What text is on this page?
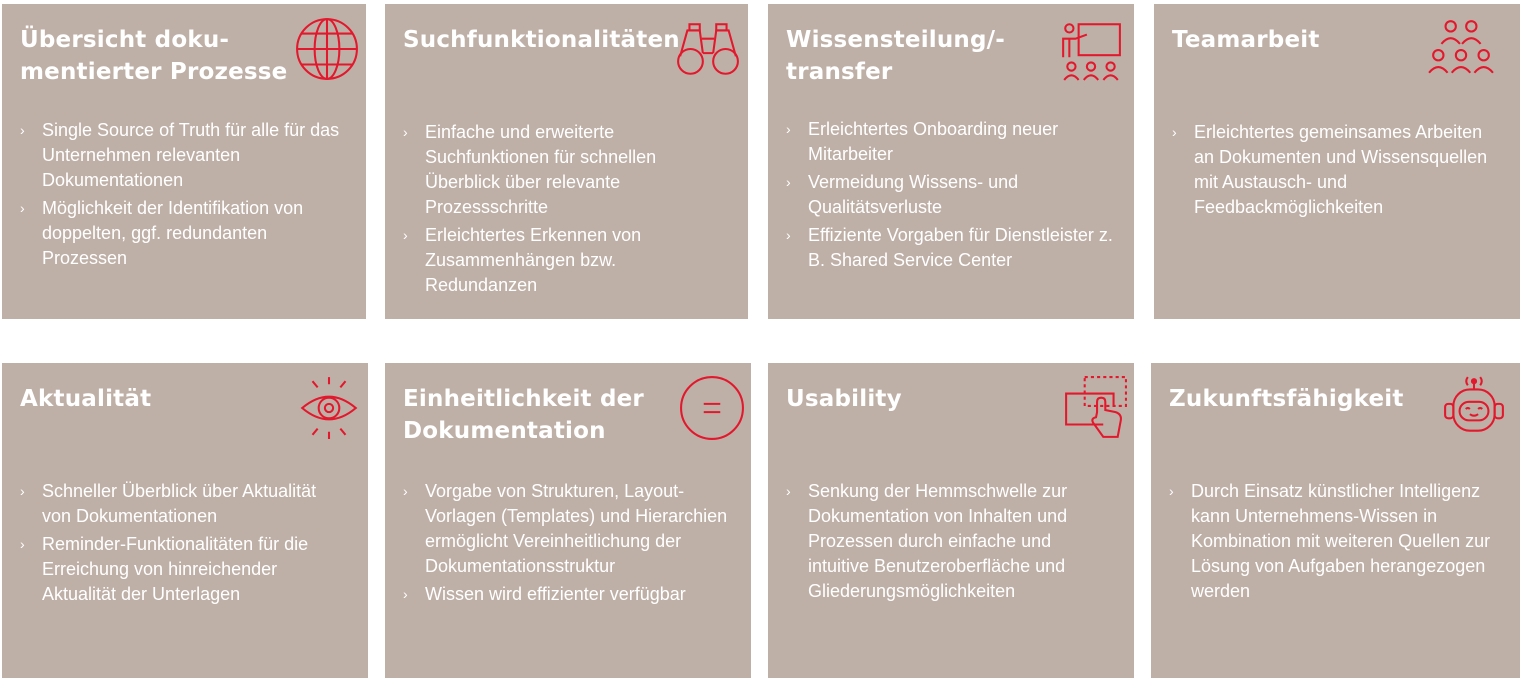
Übersicht doku-
mentierter Prozesse
› Single Source of Truth für alle für das Unternehmen relevanten Dokumentationen
› Möglichkeit der Identifikation von doppelten, ggf. redundanten Prozessen
Suchfunktionalitäten
› Einfache und erweiterte Suchfunktionen für schnellen Überblick über relevante Prozessschritte
› Erleichtertes Erkennen von Zusammenhängen bzw. Redundanzen
Wissensteilung/-
transfer
› Erleichtertes Onboarding neuer Mitarbeiter
› Vermeidung Wissens- und Qualitätsverluste
› Effiziente Vorgaben für Dienstleister z. B. Shared Service Center
Teamarbeit
› Erleichtertes gemeinsames Arbeiten an Dokumenten und Wissensquellen mit Austausch- und Feedbackmöglichkeiten
Aktualität
› Schneller Überblick über Aktualität von Dokumentationen
› Reminder-Funktionalitäten für die Erreichung von hinreichender Aktualität der Unterlagen
Einheitlichkeit der
Dokumentation
› Vorgabe von Strukturen, Layout-Vorlagen (Templates) und Hierarchien ermöglicht Vereinheitlichung der Dokumentationsstruktur
› Wissen wird effizienter verfügbar
Usability
› Senkung der Hemmschwelle zur Dokumentation von Inhalten und Prozessen durch einfache und intuitive Benutzeroberfläche und Gliederungsmöglichkeiten
Zukunftsfähigkeit
› Durch Einsatz künstlicher Intelligenz kann Unternehmens-Wissen in Kombination mit weiteren Quellen zur Lösung von Aufgaben herangezogen werden
